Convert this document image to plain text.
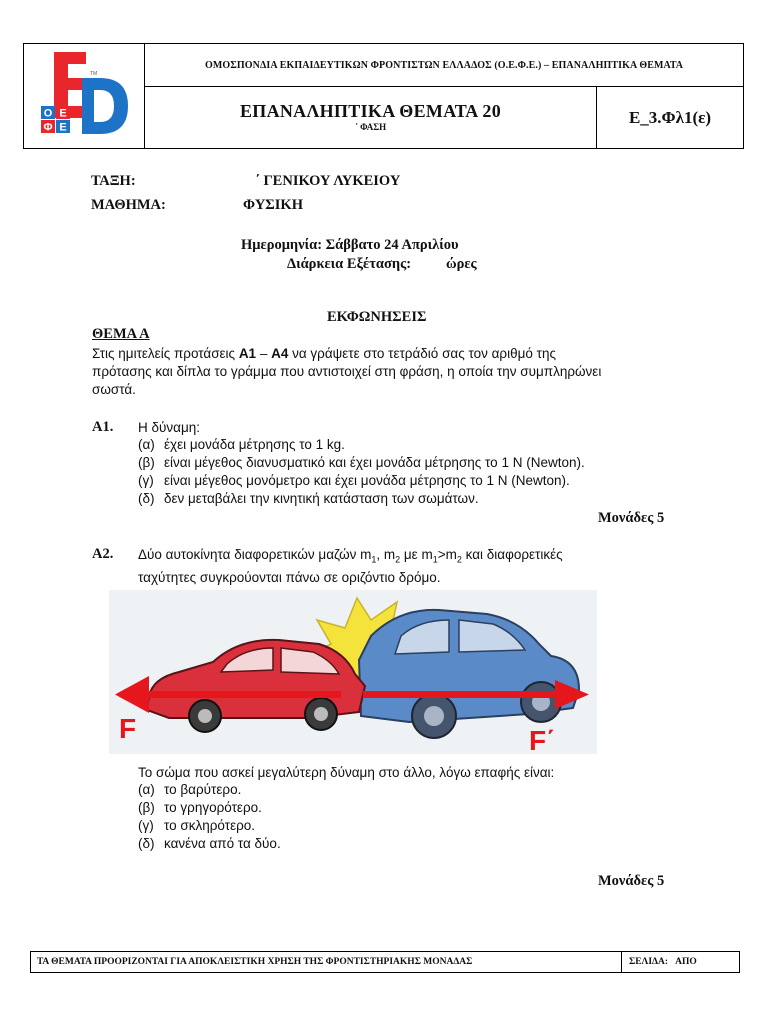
TM
Ο Ε
Φ Ε
ΟΜΟΣΠΟΝΔΙΑ ΕΚΠΑΙΔΕΥΤΙΚΩΝ ΦΡΟΝΤΙΣΤΩΝ ΕΛΛΑΔΟΣ (Ο.Ε.Φ.Ε.) – ΕΠΑΝΑΛΗΠΤΙΚΑ ΘΕΜΑΤΑ
ΕΠΑΝΑΛΗΠΤΙΚΑ ΘΕΜΑΤΑ 20
΄ ΦΑΣΗ
Ε_3.Φλ1(ε)
ΤΑΞΗ:	΄ ΓΕΝΙΚΟΥ ΛΥΚΕΙΟΥ
ΜΑΘΗΜΑ:	ΦΥΣΙΚΗ
Ημερομηνία: Σάββατο 24 Απριλίου
Διάρκεια Εξέτασης: ώρες
ΕΚΦΩΝΗΣΕΙΣ
ΘΕΜΑ Α
Στις ημιτελείς προτάσεις Α1 – Α4 να γράψετε στο τετράδιό σας τον αριθμό της
πρότασης και δίπλα το γράμμα που αντιστοιχεί στη φράση, η οποία την συμπληρώνει
σωστά.
Α1. Η δύναμη:
(α) έχει μονάδα μέτρησης το 1 kg.
(β) είναι μέγεθος διανυσματικό και έχει μονάδα μέτρησης το 1 Ν (Newton).
(γ) είναι μέγεθος μονόμετρο και έχει μονάδα μέτρησης το 1 Ν (Newton).
(δ) δεν μεταβάλει την κινητική κατάσταση των σωμάτων.
Μονάδες 5
Α2. Δύο αυτοκίνητα διαφορετικών μαζών $m_1$, $m_2$ με $m_1>m_2$ και διαφορετικές
ταχύτητες συγκρούονται πάνω σε οριζόντιο δρόμο.
F	F΄
Το σώμα που ασκεί μεγαλύτερη δύναμη στο άλλο, λόγω επαφής είναι:
(α) το βαρύτερο.
(β) το γρηγορότερο.
(γ) το σκληρότερο.
(δ) κανένα από τα δύο.
Μονάδες 5
ΤΑ ΘΕΜΑΤΑ ΠΡΟΟΡΙΖΟΝΤΑΙ ΓΙΑ ΑΠΟΚΛΕΙΣΤΙΚΗ ΧΡΗΣΗ ΤΗΣ ΦΡΟΝΤΙΣΤΗΡΙΑΚΗΣ ΜΟΝΑΔΑΣ	ΣΕΛΙΔΑ: ΑΠΟ
